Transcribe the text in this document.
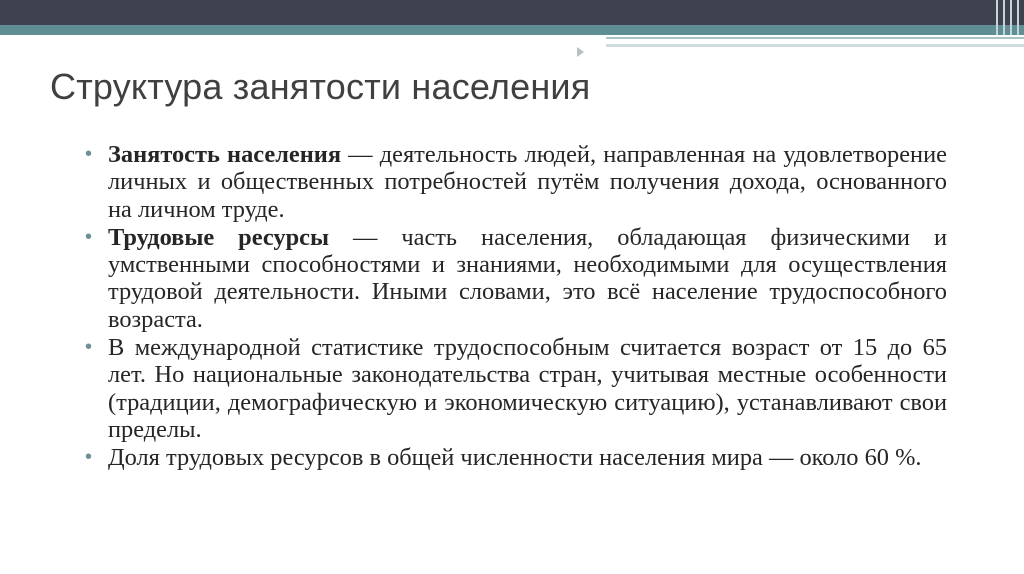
Структура занятости населения
• Занятость населения — деятельность людей, направленная на удовлетворение личных и общественных потребностей путём получения дохода, основанного на личном труде.
• Трудовые ресурсы — часть населения, обладающая физическими и умственными способностями и знаниями, необходимыми для осуществления трудовой деятельности. Иными словами, это всё население трудоспособного возраста.
• В международной статистике трудоспособным считается возраст от 15 до 65 лет. Но национальные законодательства стран, учитывая местные особенности (традиции, демографическую и экономическую ситуацию), устанавливают свои пределы.
• Доля трудовых ресурсов в общей численности населения мира — около 60 %.
